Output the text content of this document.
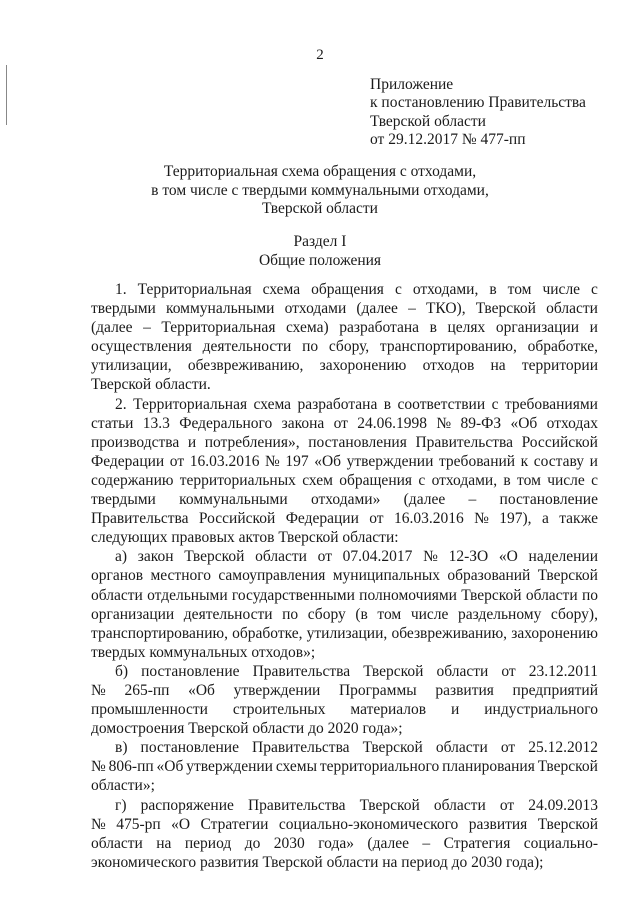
2
Приложение
к постановлению Правительства
Тверской области
от 29.12.2017 № 477-пп
Территориальная схема обращения с отходами,
в том числе с твердыми коммунальными отходами,
Тверской области
Раздел I
Общие положения
1. Территориальная схема обращения с отходами, в том числе с
твердыми коммунальными отходами (далее – ТКО), Тверской области
(далее – Территориальная схема) разработана в целях организации и
осуществления деятельности по сбору, транспортированию, обработке,
утилизации, обезвреживанию, захоронению отходов на территории
Тверской области.
2. Территориальная схема разработана в соответствии с требованиями
статьи 13.3 Федерального закона от 24.06.1998 № 89-ФЗ «Об отходах
производства и потребления», постановления Правительства Российской
Федерации от 16.03.2016 № 197 «Об утверждении требований к составу и
содержанию территориальных схем обращения с отходами, в том числе с
твердыми коммунальными отходами» (далее – постановление
Правительства Российской Федерации от 16.03.2016 № 197), а также
следующих правовых актов Тверской области:
а) закон Тверской области от 07.04.2017 № 12-ЗО «О наделении
органов местного самоуправления муниципальных образований Тверской
области отдельными государственными полномочиями Тверской области по
организации деятельности по сбору (в том числе раздельному сбору),
транспортированию, обработке, утилизации, обезвреживанию, захоронению
твердых коммунальных отходов»;
б) постановление Правительства Тверской области от 23.12.2011
№ 265-пп «Об утверждении Программы развития предприятий
промышленности строительных материалов и индустриального
домостроения Тверской области до 2020 года»;
в) постановление Правительства Тверской области от 25.12.2012
№ 806-пп «Об утверждении схемы территориального планирования Тверской
области»;
г) распоряжение Правительства Тверской области от 24.09.2013
№ 475-рп «О Стратегии социально-экономического развития Тверской
области на период до 2030 года» (далее – Стратегия социально-
экономического развития Тверской области на период до 2030 года);
